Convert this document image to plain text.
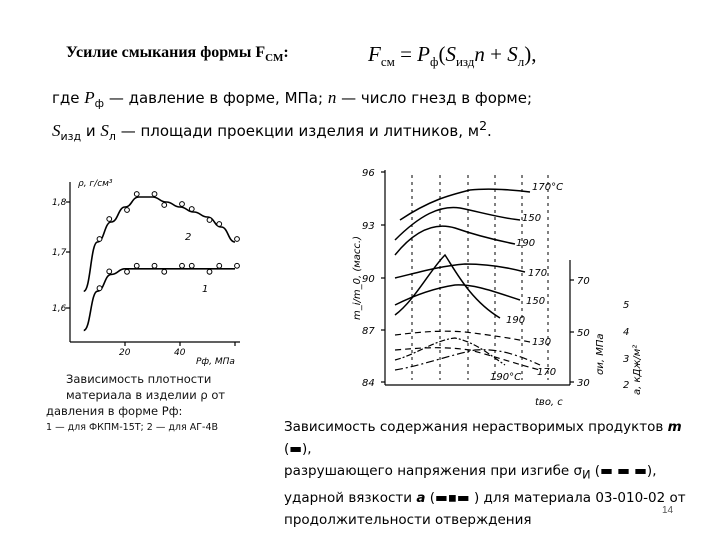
Усилие смыкания формы $F_{СМ}$:	$F_{см} = P_ф(S_{изд}n + S_л)$,
где $P_ф$ — давление в форме, МПа; n — число гнезд в форме;
$S_{изд}$ и $S_л$ — площади проекции изделия и литников, $м^2$.
ρ, г/см³
1,8
1,7
1,6
20	40
Pф, МПа
2
1
Зависимость плотности
материала в изделии ρ от
давления в форме Pф:
1 — для ФКПМ-15Т; 2 — для АГ-4В
96
93
90
87
84
70
50
30
5
4
3
2
m_i/m_0, (масс.)
σи, МПа	а, кДж/м²
tво, с
170°С
150
190
170
150
190
130
190°С 170
Зависимость содержания нерастворимых продуктов m
(▬),
разрушающего напряжения при изгибе $\sigma_И$ (▬ ▬ ▬),
ударной вязкости a (▬▪▬ ) для материала 03-010-02 от
продолжительности отверждения
14
